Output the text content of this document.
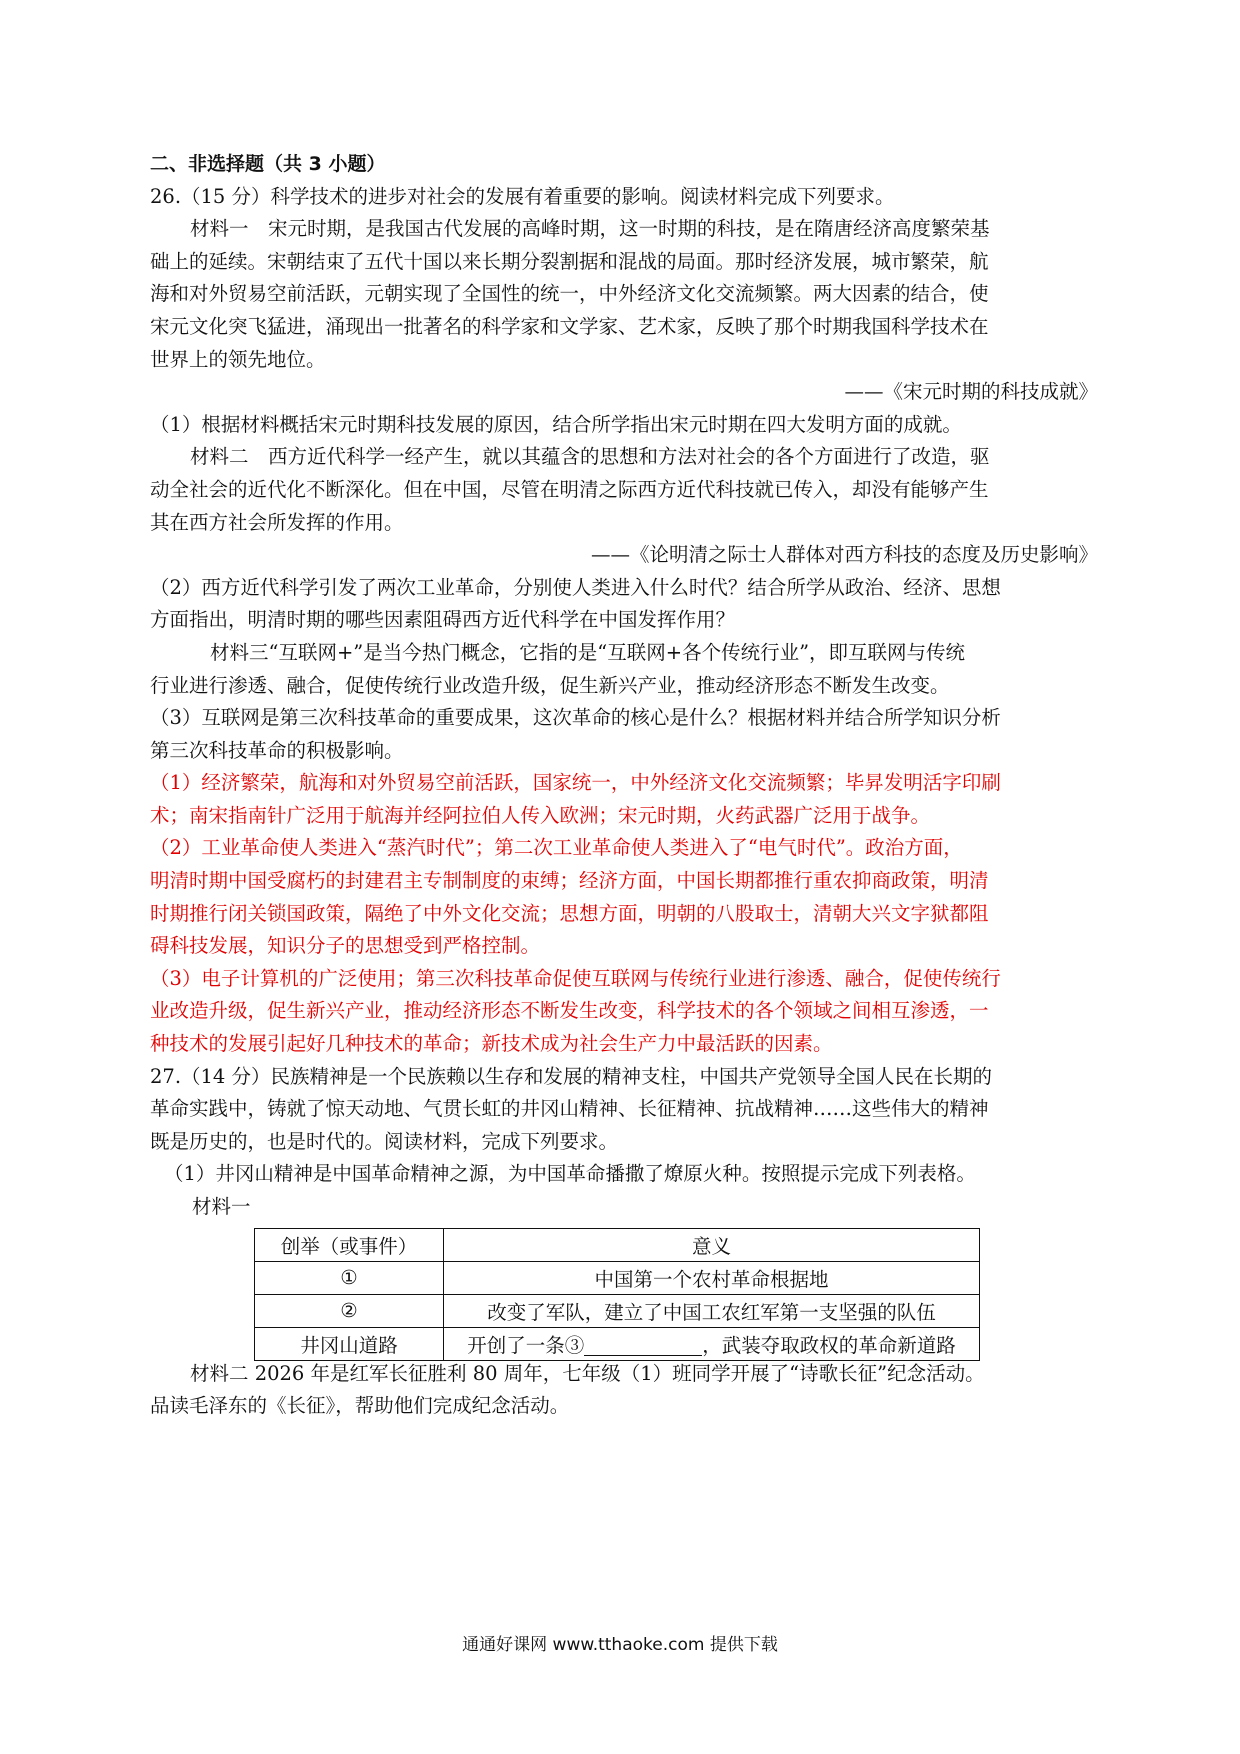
二、非选择题（共 3 小题）
26.（15 分）科学技术的进步对社会的发展有着重要的影响。阅读材料完成下列要求。
材料一　宋元时期，是我国古代发展的高峰时期，这一时期的科技，是在隋唐经济高度繁荣基
础上的延续。宋朝结束了五代十国以来长期分裂割据和混战的局面。那时经济发展，城市繁荣，航
海和对外贸易空前活跃，元朝实现了全国性的统一，中外经济文化交流频繁。两大因素的结合，使
宋元文化突飞猛进，涌现出一批著名的科学家和文学家、艺术家，反映了那个时期我国科学技术在
世界上的领先地位。
——《宋元时期的科技成就》
（1）根据材料概括宋元时期科技发展的原因，结合所学指出宋元时期在四大发明方面的成就。
材料二　西方近代科学一经产生，就以其蕴含的思想和方法对社会的各个方面进行了改造，驱
动全社会的近代化不断深化。但在中国，尽管在明清之际西方近代科技就已传入，却没有能够产生
其在西方社会所发挥的作用。
——《论明清之际士人群体对西方科技的态度及历史影响》
（2）西方近代科学引发了两次工业革命，分别使人类进入什么时代？结合所学从政治、经济、思想
方面指出，明清时期的哪些因素阻碍西方近代科学在中国发挥作用？
材料三“互联网+”是当今热门概念，它指的是“互联网+各个传统行业”，即互联网与传统
行业进行渗透、融合，促使传统行业改造升级，促生新兴产业，推动经济形态不断发生改变。
（3）互联网是第三次科技革命的重要成果，这次革命的核心是什么？根据材料并结合所学知识分析
第三次科技革命的积极影响。
（1）经济繁荣，航海和对外贸易空前活跃，国家统一，中外经济文化交流频繁；毕昇发明活字印刷
术；南宋指南针广泛用于航海并经阿拉伯人传入欧洲；宋元时期，火药武器广泛用于战争。
（2）工业革命使人类进入“蒸汽时代”；第二次工业革命使人类进入了“电气时代”。政治方面，
明清时期中国受腐朽的封建君主专制制度的束缚；经济方面，中国长期都推行重农抑商政策，明清
时期推行闭关锁国政策，隔绝了中外文化交流；思想方面，明朝的八股取士，清朝大兴文字狱都阻
碍科技发展，知识分子的思想受到严格控制。
（3）电子计算机的广泛使用；第三次科技革命促使互联网与传统行业进行渗透、融合，促使传统行
业改造升级，促生新兴产业，推动经济形态不断发生改变，科学技术的各个领域之间相互渗透，一
种技术的发展引起好几种技术的革命；新技术成为社会生产力中最活跃的因素。
27.（14 分）民族精神是一个民族赖以生存和发展的精神支柱，中国共产党领导全国人民在长期的
革命实践中，铸就了惊天动地、气贯长虹的井冈山精神、长征精神、抗战精神……这些伟大的精神
既是历史的，也是时代的。阅读材料，完成下列要求。
（1）井冈山精神是中国革命精神之源，为中国革命播撒了燎原火种。按照提示完成下列表格。
材料一
创举（或事件）	意义
①	中国第一个农村革命根据地
②	改变了军队，建立了中国工农红军第一支坚强的队伍
井冈山道路	开创了一条③ ，武装夺取政权的革命新道路
材料二 2026 年是红军长征胜利 80 周年，七年级（1）班同学开展了“诗歌长征”纪念活动。
品读毛泽东的《长征》，帮助他们完成纪念活动。
通通好课网 www.tthaoke.com 提供下载
